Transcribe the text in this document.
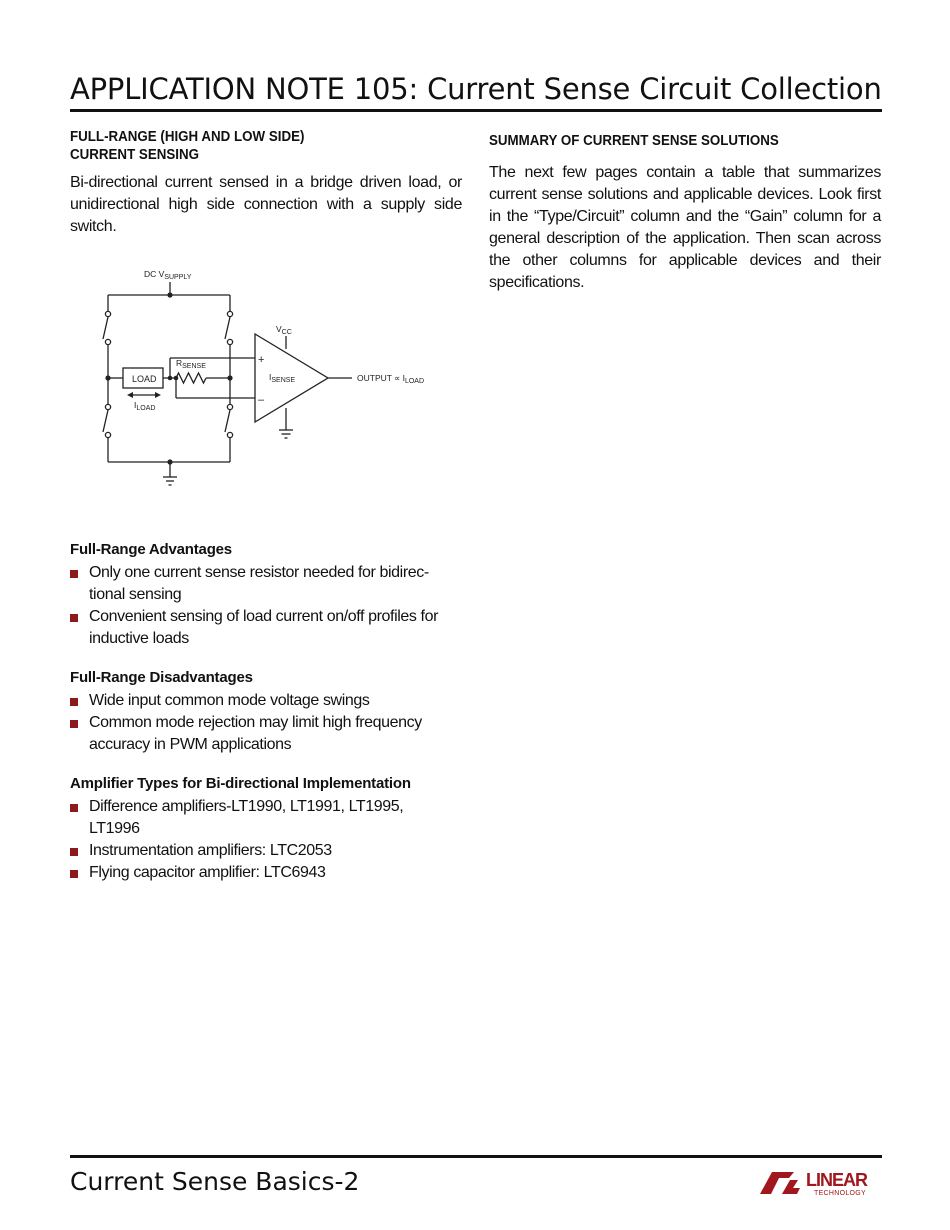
APPLICATION NOTE 105: Current Sense Circuit Collection
FULL-RANGE (HIGH AND LOW SIDE)
CURRENT SENSING

Bi-directional current sensed in a bridge driven load, or unidirectional high side connection with a supply side switch.

DC $V_{SUPPLY}$
$V_{CC}$
LOAD
$R_{SENSE}$
$I_{LOAD}$
$I_{SENSE}$
+
–
OUTPUT ∝ $I_{LOAD}$
Full-Range Advantages
Only one current sense resistor needed for bidirec-
tional sensing
Convenient sensing of load current on/off profiles for
inductive loads
Full-Range Disadvantages
Wide input common mode voltage swings
Common mode rejection may limit high frequency
accuracy in PWM applications
Amplifier Types for Bi-directional Implementation
Difference amplifiers-LT1990, LT1991, LT1995,
LT1996
Instrumentation amplifiers: LTC2053
Flying capacitor amplifier: LTC6943
SUMMARY OF CURRENT SENSE SOLUTIONS

The next few pages contain a table that summarizes current sense solutions and applicable devices. Look first in the “Type/Circuit” column and the “Gain” column for a general description of the application. Then scan across the other columns for applicable devices and their specifications.

Current Sense Basics-2	LINEAR
TECHNOLOGY
